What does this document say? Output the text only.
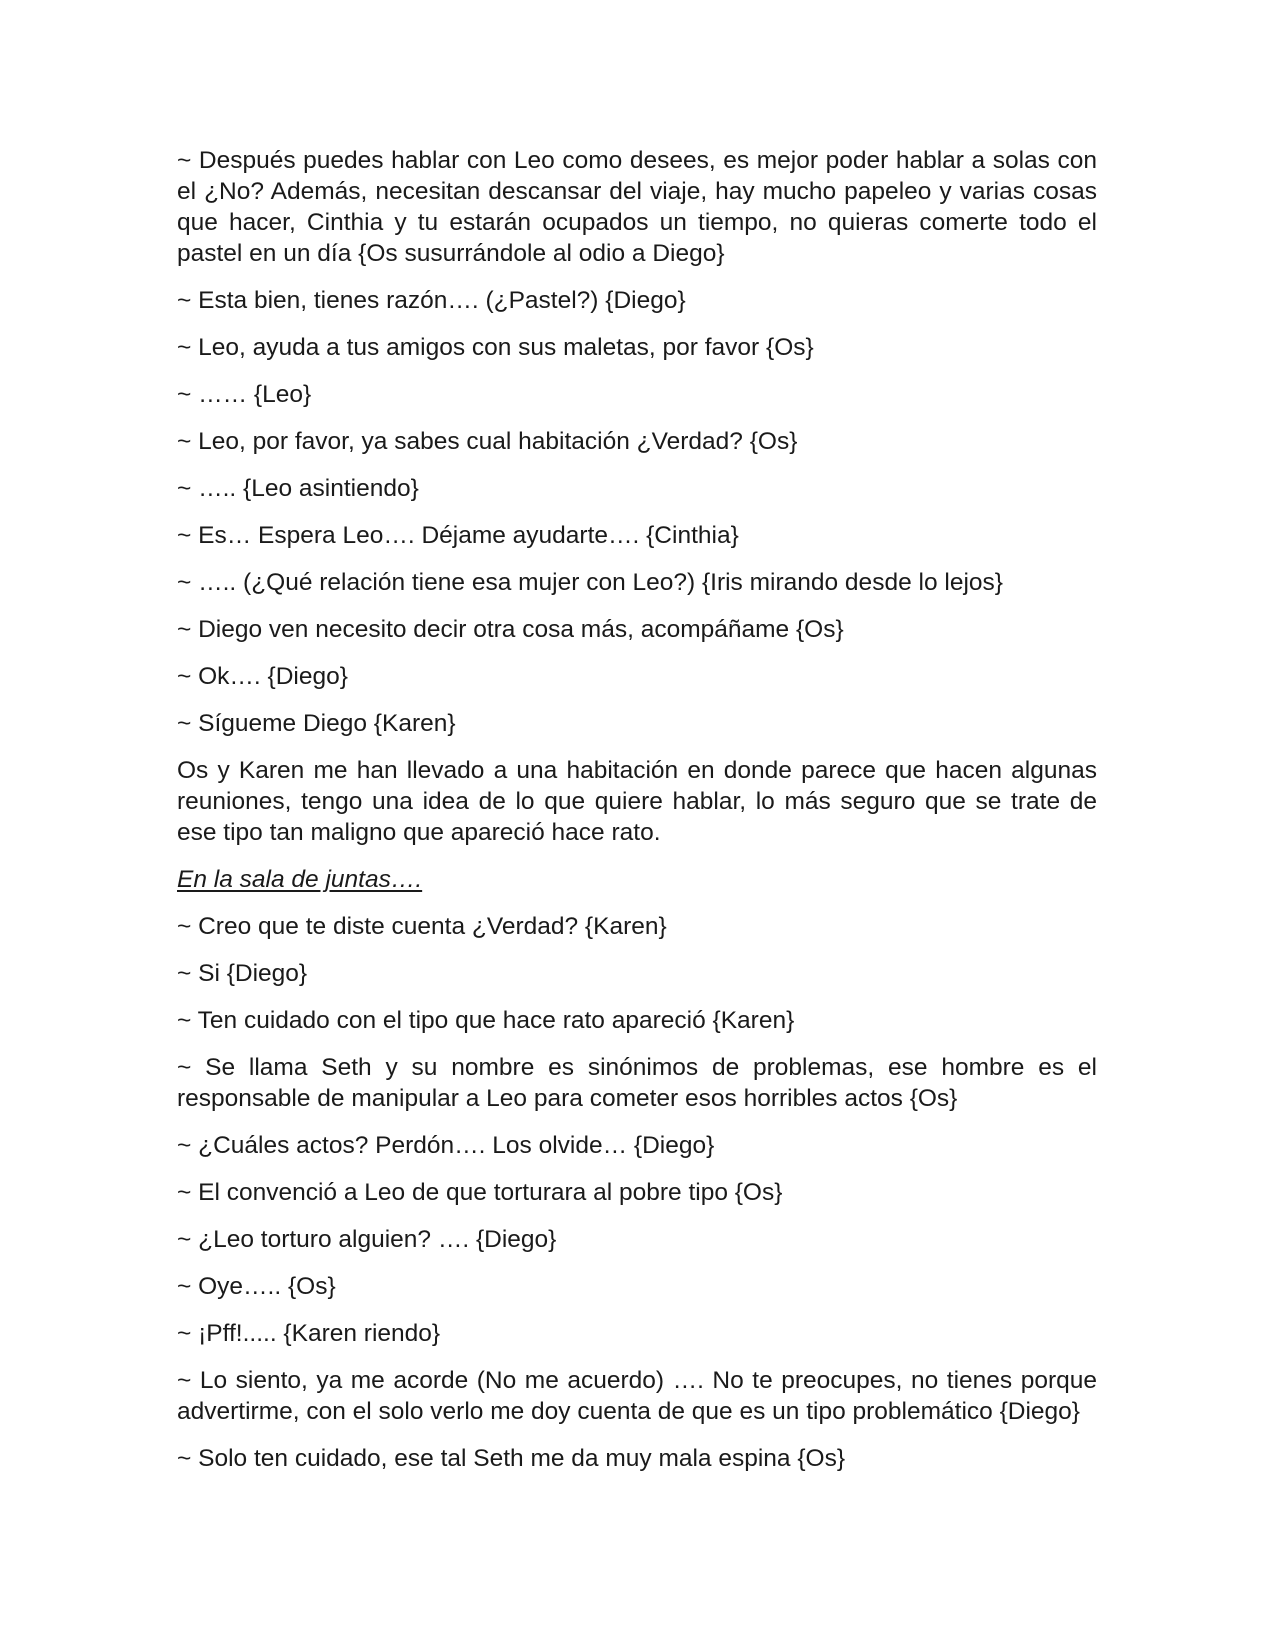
~ Después puedes hablar con Leo como desees, es mejor poder hablar a solas con el ¿No? Además, necesitan descansar del viaje, hay mucho papeleo y varias cosas que hacer, Cinthia y tu estarán ocupados un tiempo, no quieras comerte todo el pastel en un día {Os susurrándole al odio a Diego}

~ Esta bien, tienes razón…. (¿Pastel?) {Diego}

~ Leo, ayuda a tus amigos con sus maletas, por favor {Os}

~ …… {Leo}

~ Leo, por favor, ya sabes cual habitación ¿Verdad? {Os}

~ ….. {Leo asintiendo}

~ Es… Espera Leo…. Déjame ayudarte…. {Cinthia}

~ ….. (¿Qué relación tiene esa mujer con Leo?) {Iris mirando desde lo lejos}

~ Diego ven necesito decir otra cosa más, acompáñame {Os}

~ Ok…. {Diego}

~ Sígueme Diego {Karen}

Os y Karen me han llevado a una habitación en donde parece que hacen algunas reuniones, tengo una idea de lo que quiere hablar, lo más seguro que se trate de ese tipo tan maligno que apareció hace rato.

En la sala de juntas….

~ Creo que te diste cuenta ¿Verdad? {Karen}

~ Si {Diego}

~ Ten cuidado con el tipo que hace rato apareció {Karen}

~ Se llama Seth y su nombre es sinónimos de problemas, ese hombre es el responsable de manipular a Leo para cometer esos horribles actos {Os}

~ ¿Cuáles actos? Perdón…. Los olvide… {Diego}

~ El convenció a Leo de que torturara al pobre tipo {Os}

~ ¿Leo torturo alguien? …. {Diego}

~ Oye….. {Os}

~ ¡Pff!..... {Karen riendo}

~ Lo siento, ya me acorde (No me acuerdo) …. No te preocupes, no tienes porque advertirme, con el solo verlo me doy cuenta de que es un tipo problemático {Diego}

~ Solo ten cuidado, ese tal Seth me da muy mala espina {Os}
